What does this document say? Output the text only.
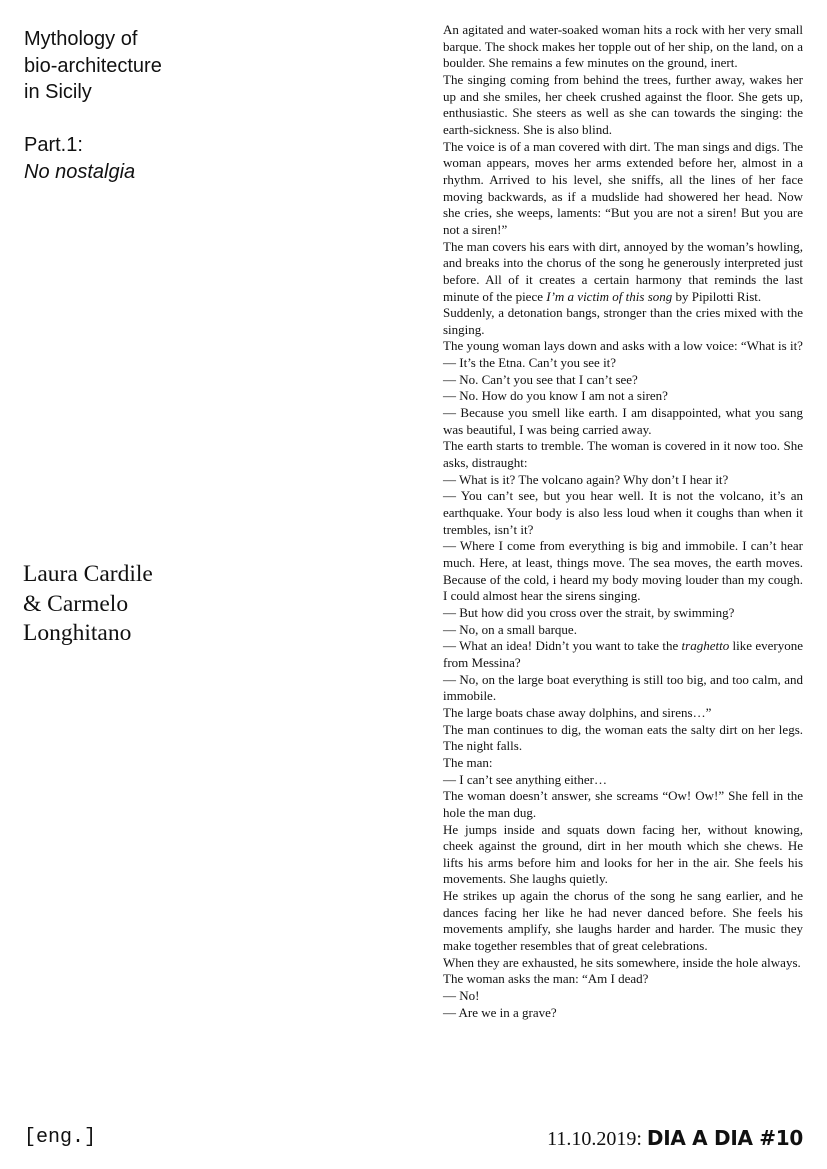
Mythology of
bio-architecture
in Sicily
Part.1:
No nostalgia
Laura Cardile
& Carmelo
Longhitano

An agitated and water-soaked woman hits a rock with her very small barque. The shock makes her topple out of her ship, on the land, on a boulder. She remains a few minutes on the ground, inert.

The singing coming from behind the trees, further away, wakes her up and she smiles, her cheek crushed against the floor. She gets up, enthusiastic. She steers as well as she can towards the singing: the earth-sickness. She is also blind.

The voice is of a man covered with dirt. The man sings and digs. The woman appears, moves her arms extended before her, almost in a rhythm. Arrived to his level, she sniffs, all the lines of her face moving backwards, as if a mudslide had showered her head. Now she cries, she weeps, laments: “But you are not a siren! But you are not a siren!”

The man covers his ears with dirt, annoyed by the woman’s howling, and breaks into the chorus of the song he generously interpreted just before. All of it creates a certain harmony that reminds the last minute of the piece I’m a victim of this song by Pipilotti Rist.

Suddenly, a detonation bangs, stronger than the cries mixed with the singing.

The young woman lays down and asks with a low voice: “What is it?

— It’s the Etna. Can’t you see it?

— No. Can’t you see that I can’t see?

— No. How do you know I am not a siren?

— Because you smell like earth. I am disappointed, what you sang was beautiful, I was being carried away.

The earth starts to tremble. The woman is covered in it now too. She asks, distraught:

— What is it? The volcano again? Why don’t I hear it?

— You can’t see, but you hear well. It is not the volcano, it’s an earthquake. Your body is also less loud when it coughs than when it trembles, isn’t it?

— Where I come from everything is big and immobile. I can’t hear much. Here, at least, things move. The sea moves, the earth moves. Because of the cold, i heard my body moving louder than my cough. I could almost hear the sirens singing.

— But how did you cross over the strait, by swimming?

— No, on a small barque.

— What an idea! Didn’t you want to take the traghetto like everyone from Messina?

— No, on the large boat everything is still too big, and too calm, and immobile.

The large boats chase away dolphins, and sirens…”

The man continues to dig, the woman eats the salty dirt on her legs. The night falls.

The man:

— I can’t see anything either…

The woman doesn’t answer, she screams “Ow! Ow!” She fell in the hole the man dug.

He jumps inside and squats down facing her, without knowing, cheek against the ground, dirt in her mouth which she chews. He lifts his arms before him and looks for her in the air. She feels his movements. She laughs quietly.

He strikes up again the chorus of the song he sang earlier, and he dances facing her like he had never danced before. She feels his movements amplify, she laughs harder and harder. The music they make together resembles that of great celebrations.

When they are exhausted, he sits somewhere, inside the hole always.

The woman asks the man: “Am I dead?

— No!

— Are we in a grave?

[eng.]	11.10.2019: DIA A DIA #10
